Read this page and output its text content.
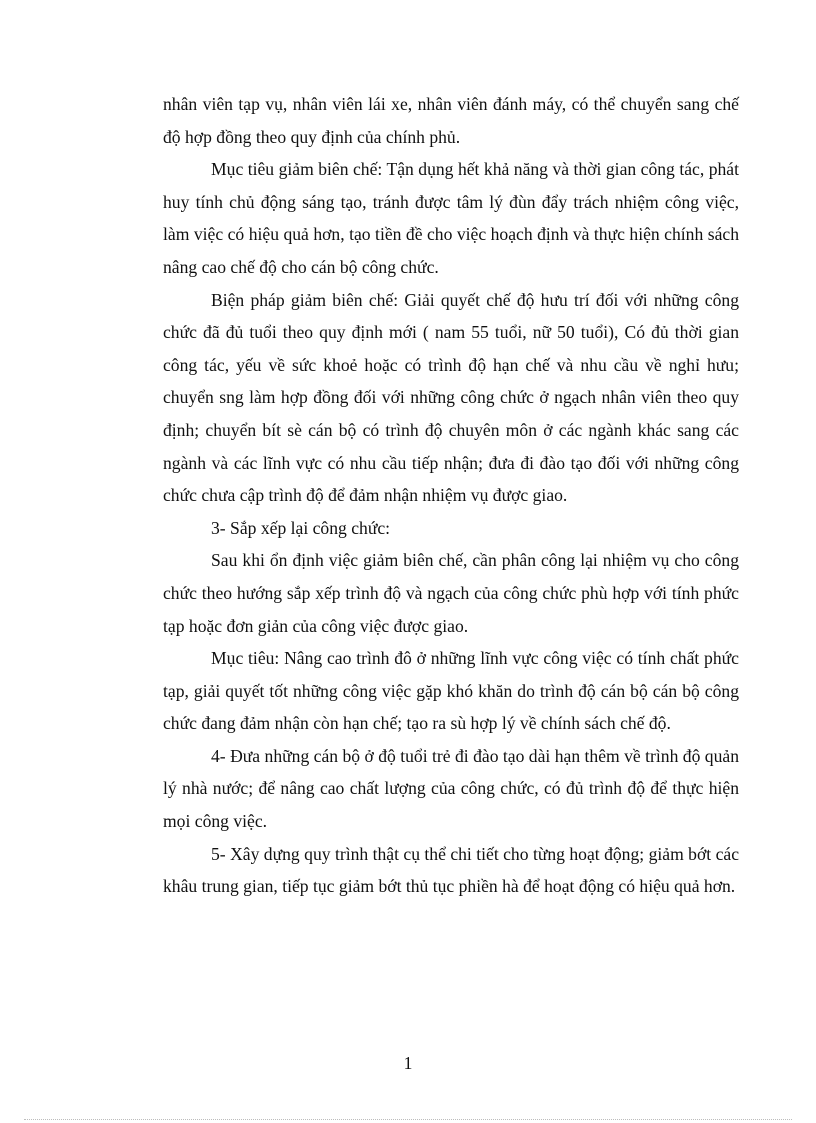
nhân viên tạp vụ, nhân viên lái xe, nhân viên đánh máy, có thể chuyển sang chế độ hợp đồng theo quy định của chính phủ.

Mục tiêu giảm biên chế: Tận dụng hết khả năng và thời gian công tác, phát huy tính chủ động sáng tạo, tránh được tâm lý đùn đẩy trách nhiệm công việc, làm việc có hiệu quả hơn, tạo tiền đề cho việc hoạch định và thực hiện chính sách nâng cao chế độ cho cán bộ công chức.

Biện pháp giảm biên chế: Giải quyết chế độ hưu trí đối với những công chức đã đủ tuổi theo quy định mới ( nam 55 tuổi, nữ 50 tuổi), Có đủ thời gian công tác, yếu về sức khoẻ hoặc có trình độ hạn chế và nhu cầu về nghỉ hưu; chuyển sng làm hợp đồng đối với những công chức ở ngạch nhân viên theo quy định; chuyển bít sè cán bộ có trình độ chuyên môn ở các ngành khác sang các ngành và các lĩnh vực có nhu cầu tiếp nhận; đưa đi đào tạo đối với những công chức chưa cập trình độ để đảm nhận nhiệm vụ được giao.

3- Sắp xếp lại công chức:

Sau khi ổn định việc giảm biên chế, cần phân công lại nhiệm vụ cho công chức theo hướng sắp xếp trình độ và ngạch của công chức phù hợp với tính phức tạp hoặc đơn giản của công việc được giao.

Mục tiêu: Nâng cao trình đô ở những lĩnh vực công việc có tính chất phức tạp, giải quyết tốt những công việc gặp khó khăn do trình độ cán bộ cán bộ công chức đang đảm nhận còn hạn chế; tạo ra sù hợp lý về chính sách chế độ.

4- Đưa những cán bộ ở độ tuổi trẻ đi đào tạo dài hạn thêm về trình độ quản lý nhà nước; để nâng cao chất lượng của công chức, có đủ trình độ để thực hiện mọi công việc.

5- Xây dựng quy trình thật cụ thể chi tiết cho từng hoạt động; giảm bớt các khâu trung gian, tiếp tục giảm bớt thủ tục phiền hà để hoạt động có hiệu quả hơn.

1
